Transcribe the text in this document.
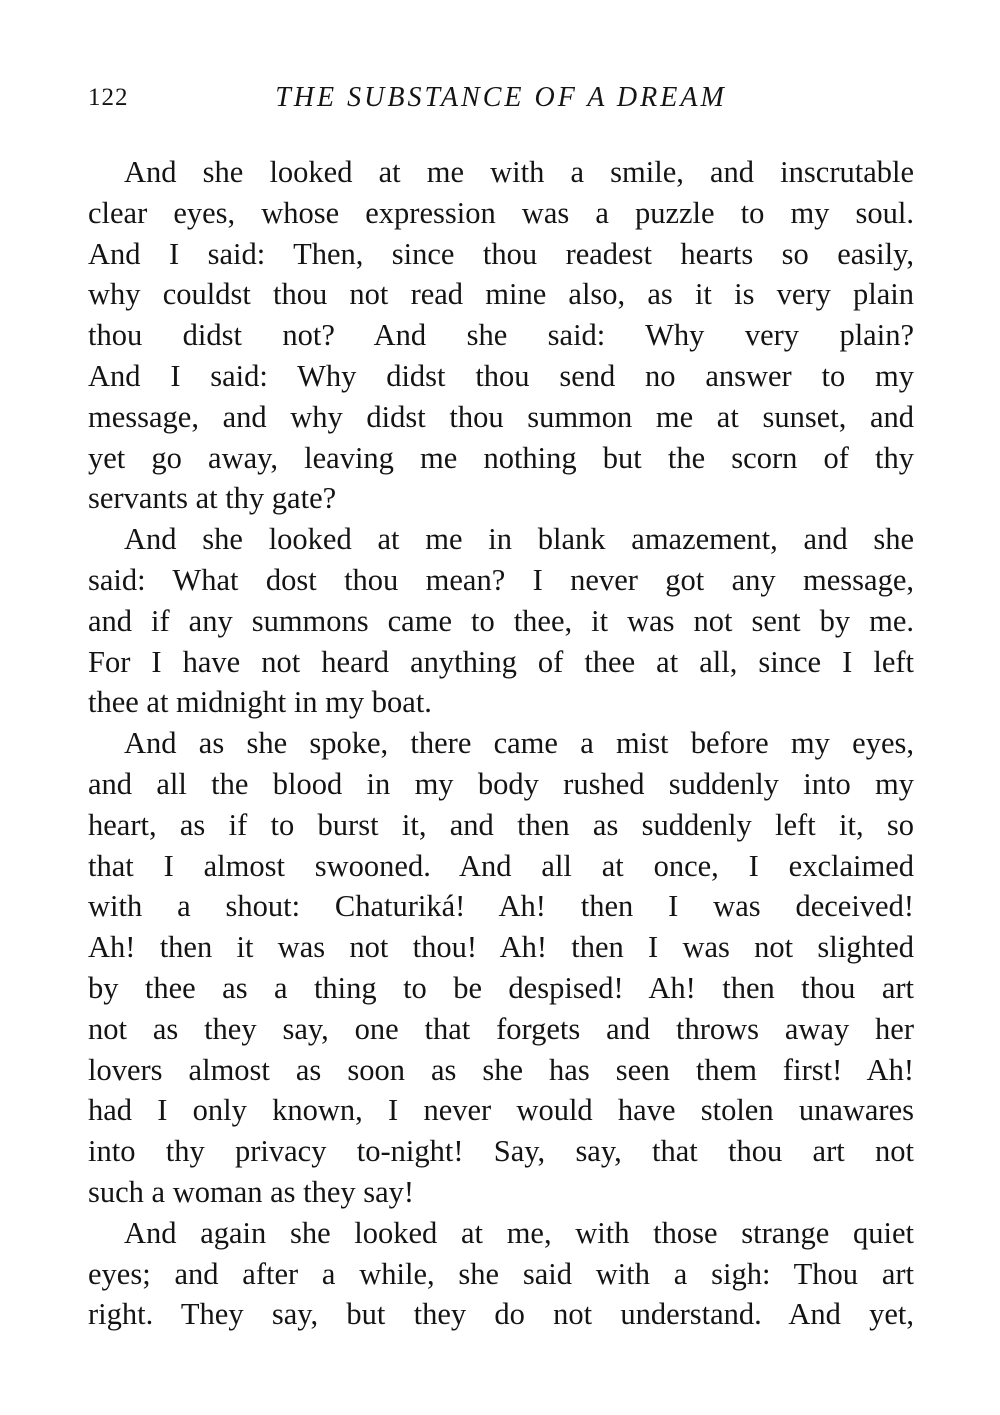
122	THE SUBSTANCE OF A DREAM
And she looked at me with a smile, and inscrutable
clear eyes, whose expression was a puzzle to my soul.
And I said: Then, since thou readest hearts so easily,
why couldst thou not read mine also, as it is very plain
thou didst not? And she said: Why very plain?
And I said: Why didst thou send no answer to my
message, and why didst thou summon me at sunset, and
yet go away, leaving me nothing but the scorn of thy
servants at thy gate?
And she looked at me in blank amazement, and she
said: What dost thou mean? I never got any message,
and if any summons came to thee, it was not sent by me.
For I have not heard anything of thee at all, since I left
thee at midnight in my boat.
And as she spoke, there came a mist before my eyes,
and all the blood in my body rushed suddenly into my
heart, as if to burst it, and then as suddenly left it, so
that I almost swooned. And all at once, I exclaimed
with a shout: Chaturiká! Ah! then I was deceived!
Ah! then it was not thou! Ah! then I was not slighted
by thee as a thing to be despised! Ah! then thou art
not as they say, one that forgets and throws away her
lovers almost as soon as she has seen them first! Ah!
had I only known, I never would have stolen unawares
into thy privacy to-night! Say, say, that thou art not
such a woman as they say!
And again she looked at me, with those strange quiet
eyes; and after a while, she said with a sigh: Thou art
right. They say, but they do not understand. And yet,
